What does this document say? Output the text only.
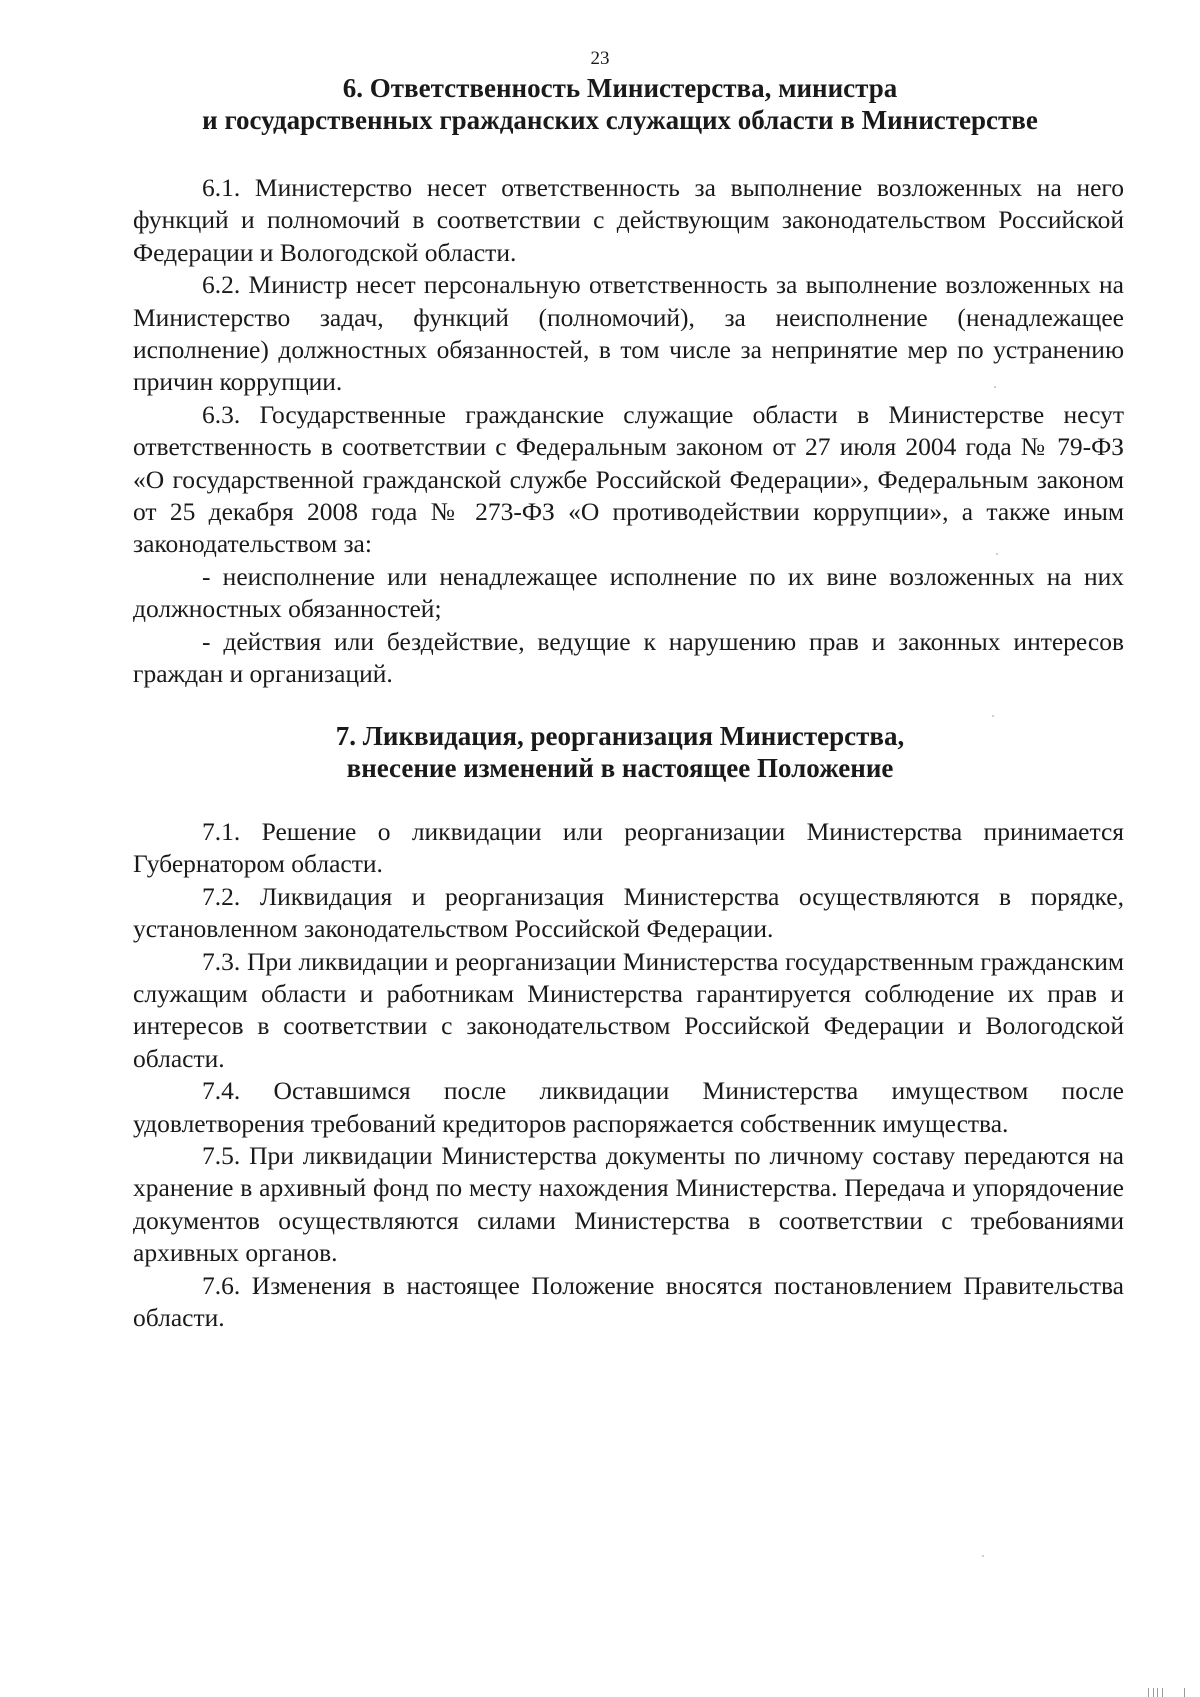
23
6. Ответственность Министерства, министра
и государственных гражданских служащих области в Министерстве

6.1. Министерство несет ответственность за выполнение возложенных на него функций и полномочий в соответствии с действующим законодательством Российской Федерации и Вологодской области.

6.2. Министр несет персональную ответственность за выполнение возложенных на Министерство задач, функций (полномочий), за неисполнение (ненадлежащее исполнение) должностных обязанностей, в том числе за непринятие мер по устранению причин коррупции.

6.3. Государственные гражданские служащие области в Министерстве несут ответственность в соответствии с Федеральным законом от 27 июля 2004 года № 79-ФЗ «О государственной гражданской службе Российской Федерации», Федеральным законом от 25 декабря 2008 года № 273-ФЗ «О противодействии коррупции», а также иным законодательством за:

- неисполнение или ненадлежащее исполнение по их вине возложенных на них должностных обязанностей;

- действия или бездействие, ведущие к нарушению прав и законных интересов граждан и организаций.

7. Ликвидация, реорганизация Министерства,
внесение изменений в настоящее Положение

7.1. Решение о ликвидации или реорганизации Министерства принимается Губернатором области.

7.2. Ликвидация и реорганизация Министерства осуществляются в порядке, установленном законодательством Российской Федерации.

7.3. При ликвидации и реорганизации Министерства государственным гражданским служащим области и работникам Министерства гарантируется соблюдение их прав и интересов в соответствии с законодательством Российской Федерации и Вологодской области.

7.4. Оставшимся после ликвидации Министерства имуществом после удовлетворения требований кредиторов распоряжается собственник имущества.

7.5. При ликвидации Министерства документы по личному составу передаются на хранение в архивный фонд по месту нахождения Министерства. Передача и упорядочение документов осуществляются силами Министерства в соответствии с требованиями архивных органов.

7.6. Изменения в настоящее Положение вносятся постановлением Правительства области.
